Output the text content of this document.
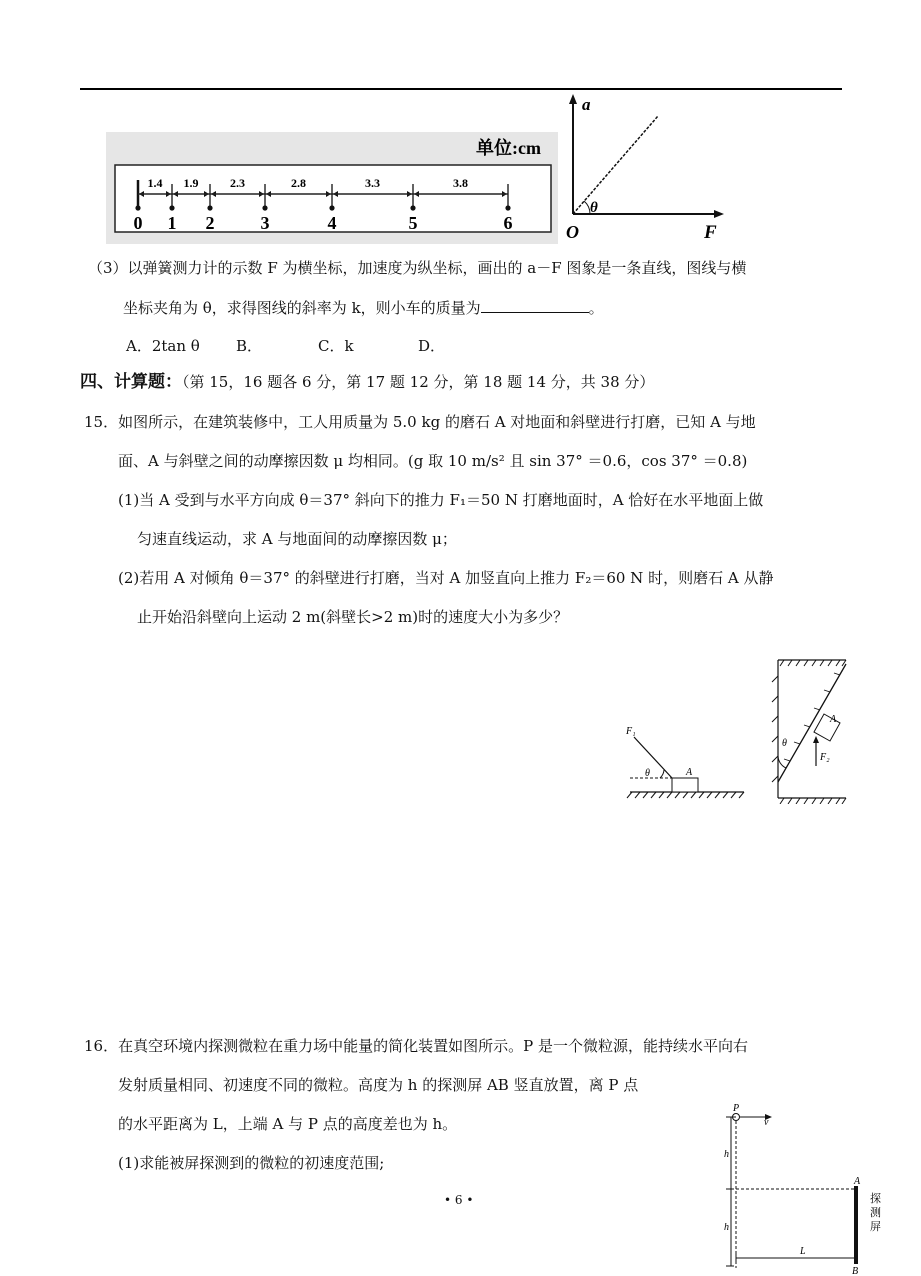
单位:cm
0 1 2	3	4	5	6
1.4 1.9	2.3	2.8	3.3	3.8
a
F
O
θ
（3）以弹簧测力计的示数 F 为横坐标，加速度为纵坐标，画出的 a－F 图象是一条直线，图线与横
坐标夹角为 θ，求得图线的斜率为 k，则小车的质量为	。
A．2tan θ B．	C．k	D．
四、计算题：（第 15，16 题各 6 分，第 17 题 12 分，第 18 题 14 分，共 38 分）
15．如图所示，在建筑装修中，工人用质量为 5.0 kg 的磨石 A 对地面和斜壁进行打磨，已知 A 与地
面、A 与斜壁之间的动摩擦因数 μ 均相同。(g 取 10 m/s² 且 sin 37° ＝0.6，cos 37° ＝0.8)
(1)当 A 受到与水平方向成 θ＝37° 斜向下的推力 F₁＝50 N 打磨地面时，A 恰好在水平地面上做
匀速直线运动，求 A 与地面间的动摩擦因数 μ；
(2)若用 A 对倾角 θ＝37° 的斜壁进行打磨，当对 A 加竖直向上推力 F₂＝60 N 时，则磨石 A 从静
止开始沿斜壁向上运动 2 m(斜壁长>2 m)时的速度大小为多少？
F₁
θ	A
θ
A
F₂
16．在真空环境内探测微粒在重力场中能量的简化装置如图所示。P 是一个微粒源，能持续水平向右
发射质量相同、初速度不同的微粒。高度为 h 的探测屏 AB 竖直放置，离 P 点
的水平距离为 L，上端 A 与 P 点的高度差也为 h。
(1)求能被屏探测到的微粒的初速度范围;
P
v
h
h
A
B
L
探测屏
• 6 •
